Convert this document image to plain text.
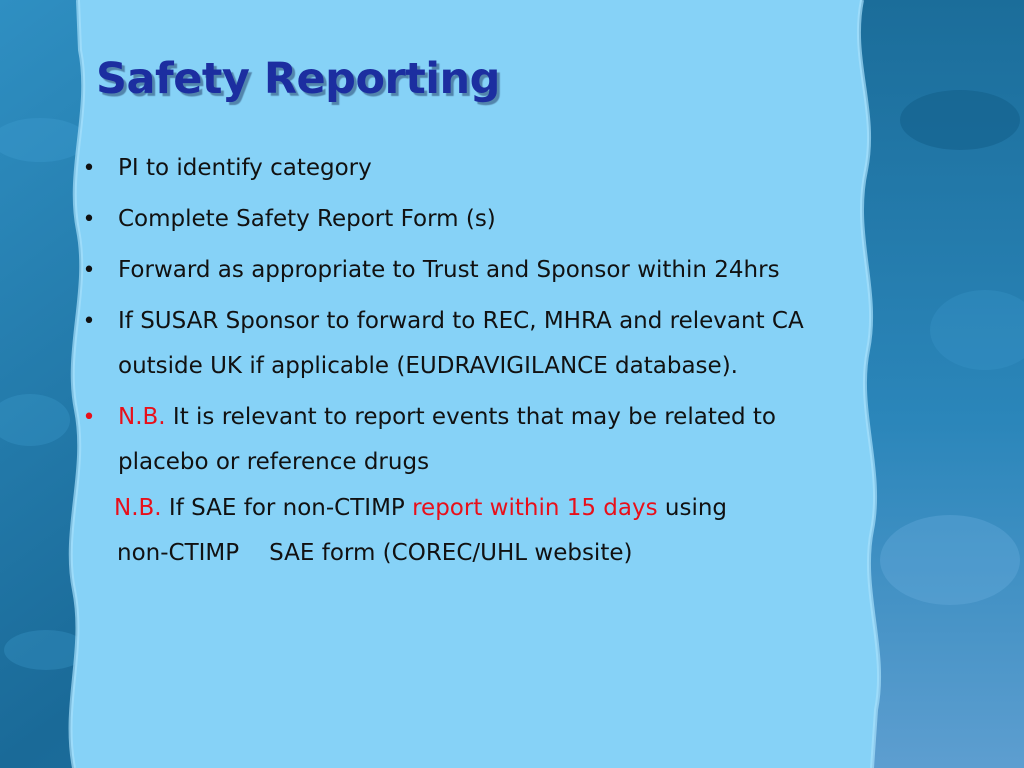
Safety Reporting
• PI to identify category
• Complete Safety Report Form (s)
• Forward as appropriate to Trust and Sponsor within 24hrs
• If SUSAR Sponsor to forward to REC, MHRA and relevant CA outside UK if applicable (EUDRAVIGILANCE database).
• N.B. It is relevant to report events that may be related to placebo or reference drugs
N.B. If SAE for non-CTIMP report within 15 days using
non-CTIMP SAE form (COREC/UHL website)
